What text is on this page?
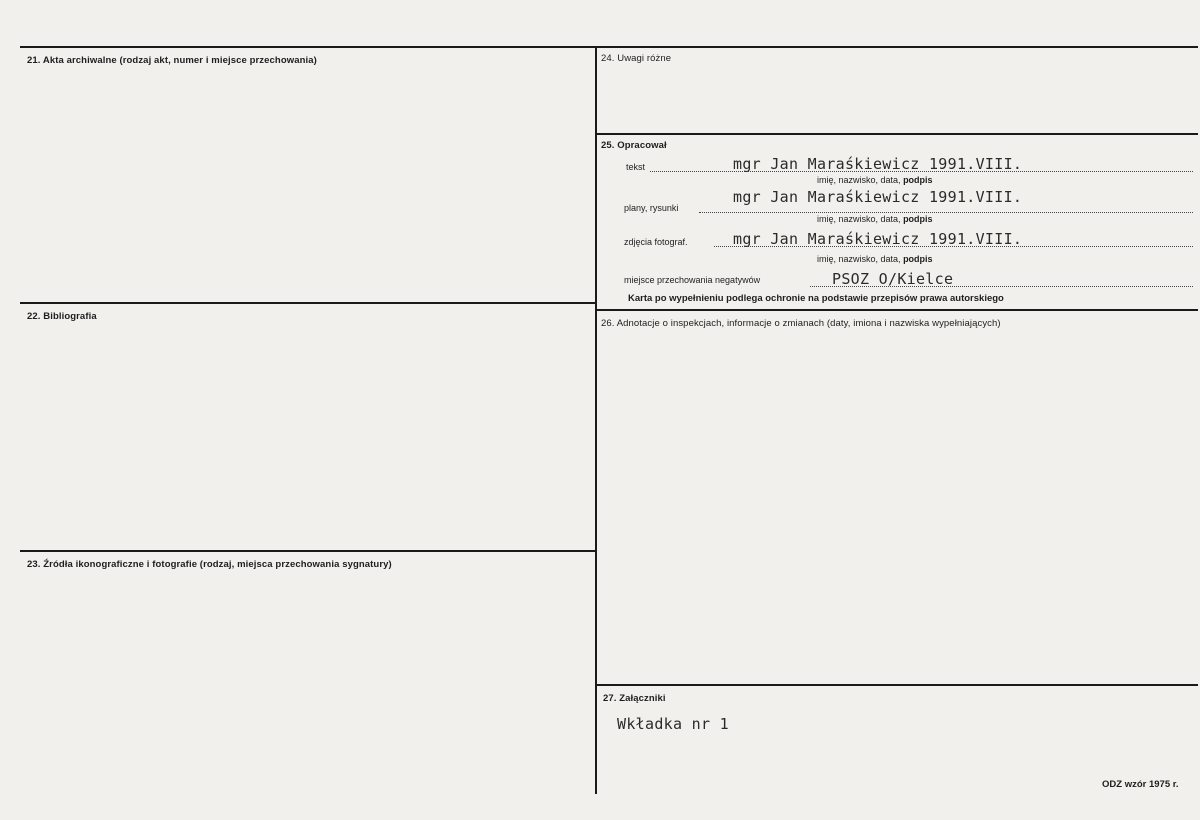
21. Akta archiwalne (rodzaj akt, numer i miejsce przechowania)
22. Bibliografia
23. Źródła ikonograficzne i fotografie (rodzaj, miejsca przechowania sygnatury)
24. Uwagi różne
25. Opracował
tekst	mgr Jan Maraśkiewicz 1991.VIII.
imię, nazwisko, data, podpis
plany, rysunki
mgr Jan Maraśkiewicz 1991.VIII.
imię, nazwisko, data, podpis
zdjęcia fotograf.	mgr Jan Maraśkiewicz 1991.VIII.
imię, nazwisko, data, podpis
miejsce przechowania negatywów	PSOZ O/Kielce
Karta po wypełnieniu podlega ochronie na podstawie przepisów prawa autorskiego
26. Adnotacje o inspekcjach, informacje o zmianach (daty, imiona i nazwiska wypełniających)
27. Załączniki
Wkładka nr 1
ODZ wzór 1975 r.
